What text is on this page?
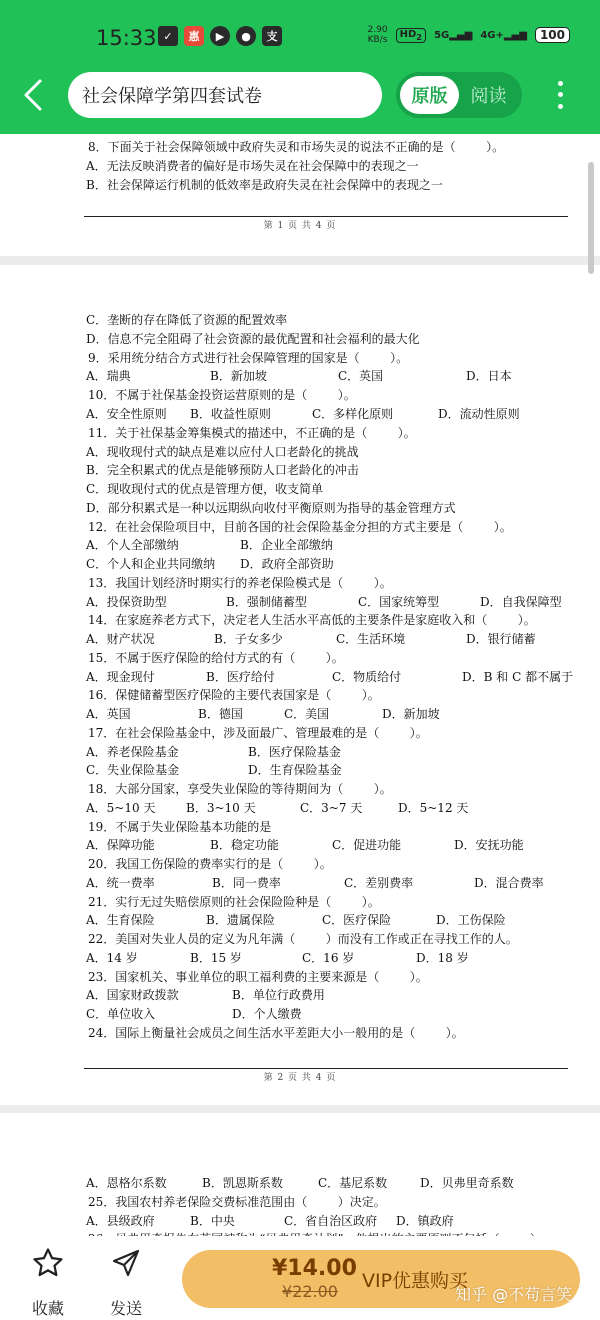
15:33 ✓	惠	▶	●	支	2.90
KB/s
$HD_2$	5G▂▄▆ 4G+▂▄▆	100
社会保障学第四套试卷	原版	阅读
8．下面关于社会保障领域中政府失灵和市场失灵的说法不正确的是（        ）。
A．无法反映消费者的偏好是市场失灵在社会保障中的表现之一
B．社会保障运行机制的低效率是政府失灵在社会保障中的表现之一
第 1 页 共 4 页
C．垄断的存在降低了资源的配置效率
D．信息不完全阻碍了社会资源的最优配置和社会福利的最大化
9．采用统分结合方式进行社会保障管理的国家是（        ）。

A．瑞典	B．新加坡	C．英国	D．日本

10．不属于社保基金投资运营原则的是（        ）。

A．安全性原则 B．收益性原则	C．多样化原则	D．流动性原则

11．关于社保基金筹集模式的描述中，不正确的是（        ）。
A．现收现付式的缺点是难以应付人口老龄化的挑战
B．完全积累式的优点是能够预防人口老龄化的冲击
C．现收现付式的优点是管理方便，收支简单
D．部分积累式是一种以远期纵向收付平衡原则为指导的基金管理方式
12．在社会保险项目中，目前各国的社会保险基金分担的方式主要是（        ）。

A．个人全部缴纳	B．企业全部缴纳

C．个人和企业共同缴纳 D．政府全部资助

13．我国计划经济时期实行的养老保险模式是（        ）。

A．投保资助型	B．强制储蓄型	C．国家统筹型	D．自我保障型

14．在家庭养老方式下，决定老人生活水平高低的主要条件是家庭收入和（        ）。

A．财产状况	B．子女多少	C．生活环境	D．银行储蓄

15．不属于医疗保险的给付方式的有（        ）。

A．现金现付	B．医疗给付	C．物质给付	D．B 和 C 都不属于

16．保健储蓄型医疗保险的主要代表国家是（        ）。

A．英国	B．德国	C．美国	D．新加坡

17．在社会保险基金中，涉及面最广、管理最难的是（        ）。

A．养老保险基金	B．医疗保险基金

C．失业保险基金	D．生育保险基金

18．大部分国家，享受失业保险的等待期间为（        ）。

A．5~10 天	B．3~10 天	C．3~7 天	D．5~12 天

19．不属于失业保险基本功能的是

A．保障功能	B．稳定功能	C．促进功能	D．安抚功能

20．我国工伤保险的费率实行的是（        ）。

A．统一费率	B．同一费率	C．差别费率	D．混合费率

21．实行无过失赔偿原则的社会保险险种是（        ）。

A．生育保险	B．遗属保险	C．医疗保险	D．工伤保险

22．美国对失业人员的定义为凡年满（        ）而没有工作或正在寻找工作的人。

A．14 岁	B．15 岁	C．16 岁	D．18 岁

23．国家机关、事业单位的职工福利费的主要来源是（        ）。

A．国家财政拨款	B．单位行政费用

C．单位收入	D．个人缴费

24．国际上衡量社会成员之间生活水平差距大小一般用的是（        ）。
第 2 页 共 4 页

A．恩格尔系数	B．凯恩斯系数	C．基尼系数	D．贝弗里奇系数

25．我国农村养老保险交费标准范围由（        ）决定。

A．县级政府	B．中央	C．省自治区政府 D．镇政府

收藏	发送
¥14.00
¥22.00 VIP优惠购买
知乎 @不苟言笑
